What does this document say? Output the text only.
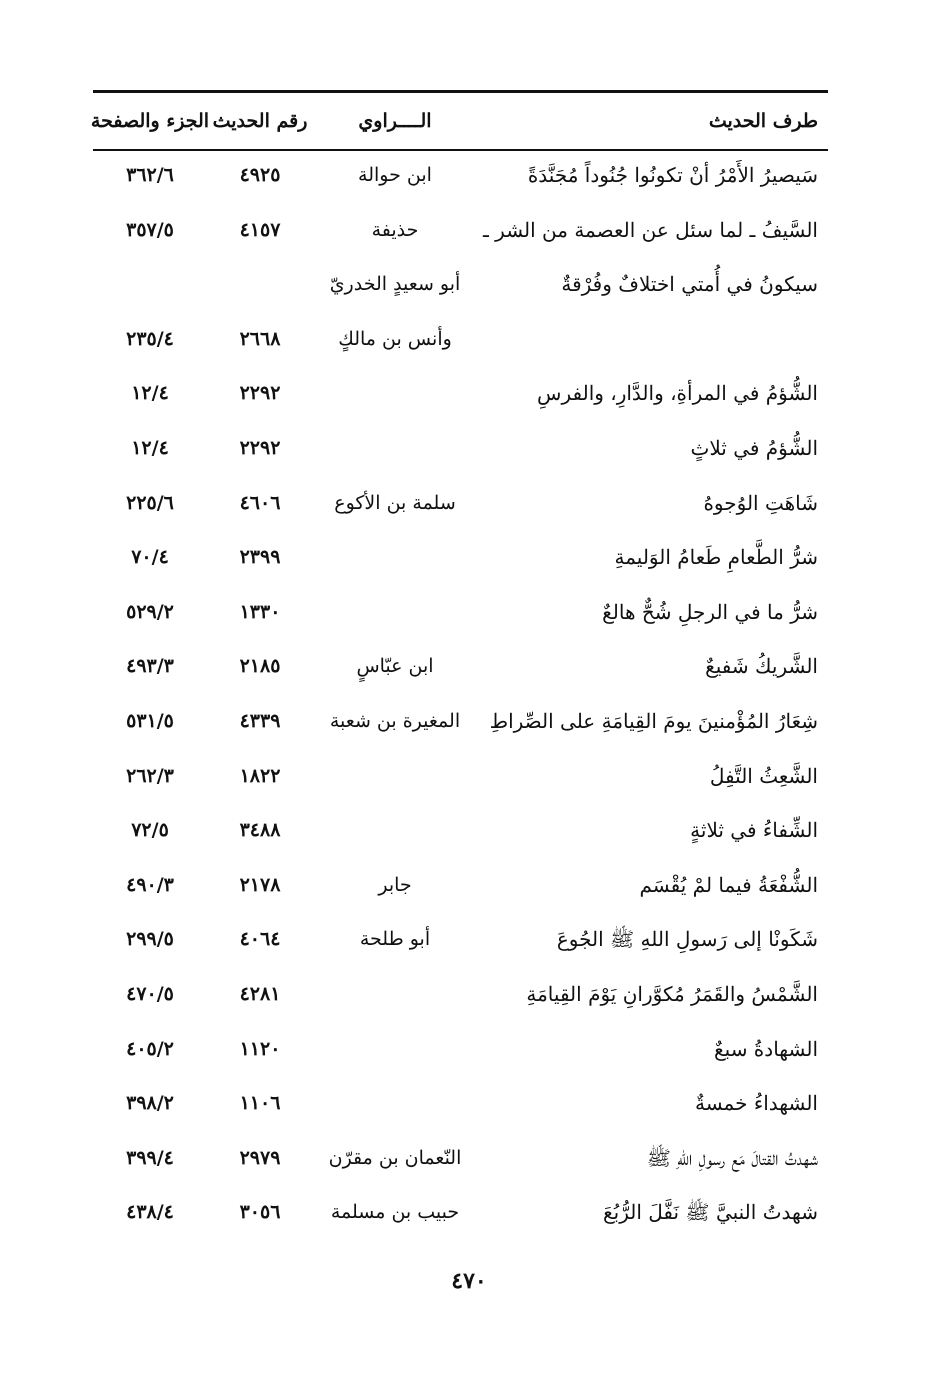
طرف الحديث
الــــراوي
رقم الحديث
الجزء والصفحة
سَيصيرُ الأَمْرُ أنْ تكونُوا جُنُوداً مُجَنَّدَةً
ابن حوالة
٤٩٢٥
٣٦٢/٦
السَّيفُ ـ لما سئل عن العصمة من الشر ـ
حذيفة
٤١٥٧
٣٥٧/٥
سيكونُ في أُمتي اختلافٌ وفُرْقةٌ
أبو سعيدٍ الخدريّ
وأنس بن مالكٍ
٢٦٦٨
٢٣٥/٤
الشُّؤمُ في المرأةِ، والدَّارِ، والفرسِ
٢٢٩٢
١٢/٤
الشُّؤمُ في ثلاثٍ
٢٢٩٢
١٢/٤
شَاهَتِ الوُجوهُ
سلمة بن الأكوع
٤٦٠٦
٢٢٥/٦
شرُّ الطَّعامِ طَعامُ الوَليمةِ
٢٣٩٩
٧٠/٤
شرُّ ما في الرجلِ شُحٌّ هالعٌ
١٣٣٠
٥٢٩/٢
الشَّريكُ شَفيعٌ
ابن عبّاسٍ
٢١٨٥
٤٩٣/٣
شِعَارُ المُؤْمنينَ يومَ القِيامَةِ على الصِّراطِ
المغيرة بن شعبة
٤٣٣٩
٥٣١/٥
الشَّعِثُ التَّفِلُ
١٨٢٢
٢٦٢/٣
الشِّفاءُ في ثلاثةٍ
٣٤٨٨
٧٢/٥
الشُّفْعَةُ فيما لمْ يُقْسَم
جابر
٢١٧٨
٤٩٠/٣
شَكَونْا إلى رَسولِ اللهِ ﷺ الجُوعَ
أبو طلحة
٤٠٦٤
٢٩٩/٥
الشَّمْسُ والقَمَرُ مُكوَّرانِ يَوْمَ القِيامَةِ
٤٢٨١
٤٧٠/٥
الشهادةُ سبعٌ
١١٢٠
٤٠٥/٢
الشهداءُ خمسةٌ
١١٠٦
٣٩٨/٢
شهدتُ القتالَ مَع رسولِ اللهِ ﷺ
النّعمان بن مقرّن
٢٩٧٩
٣٩٩/٤
شهدتُ النبيَّ ﷺ نَفَّلَ الرُّبُعَ
حبيب بن مسلمة
٣٠٥٦
٤٣٨/٤
٤٧٠
